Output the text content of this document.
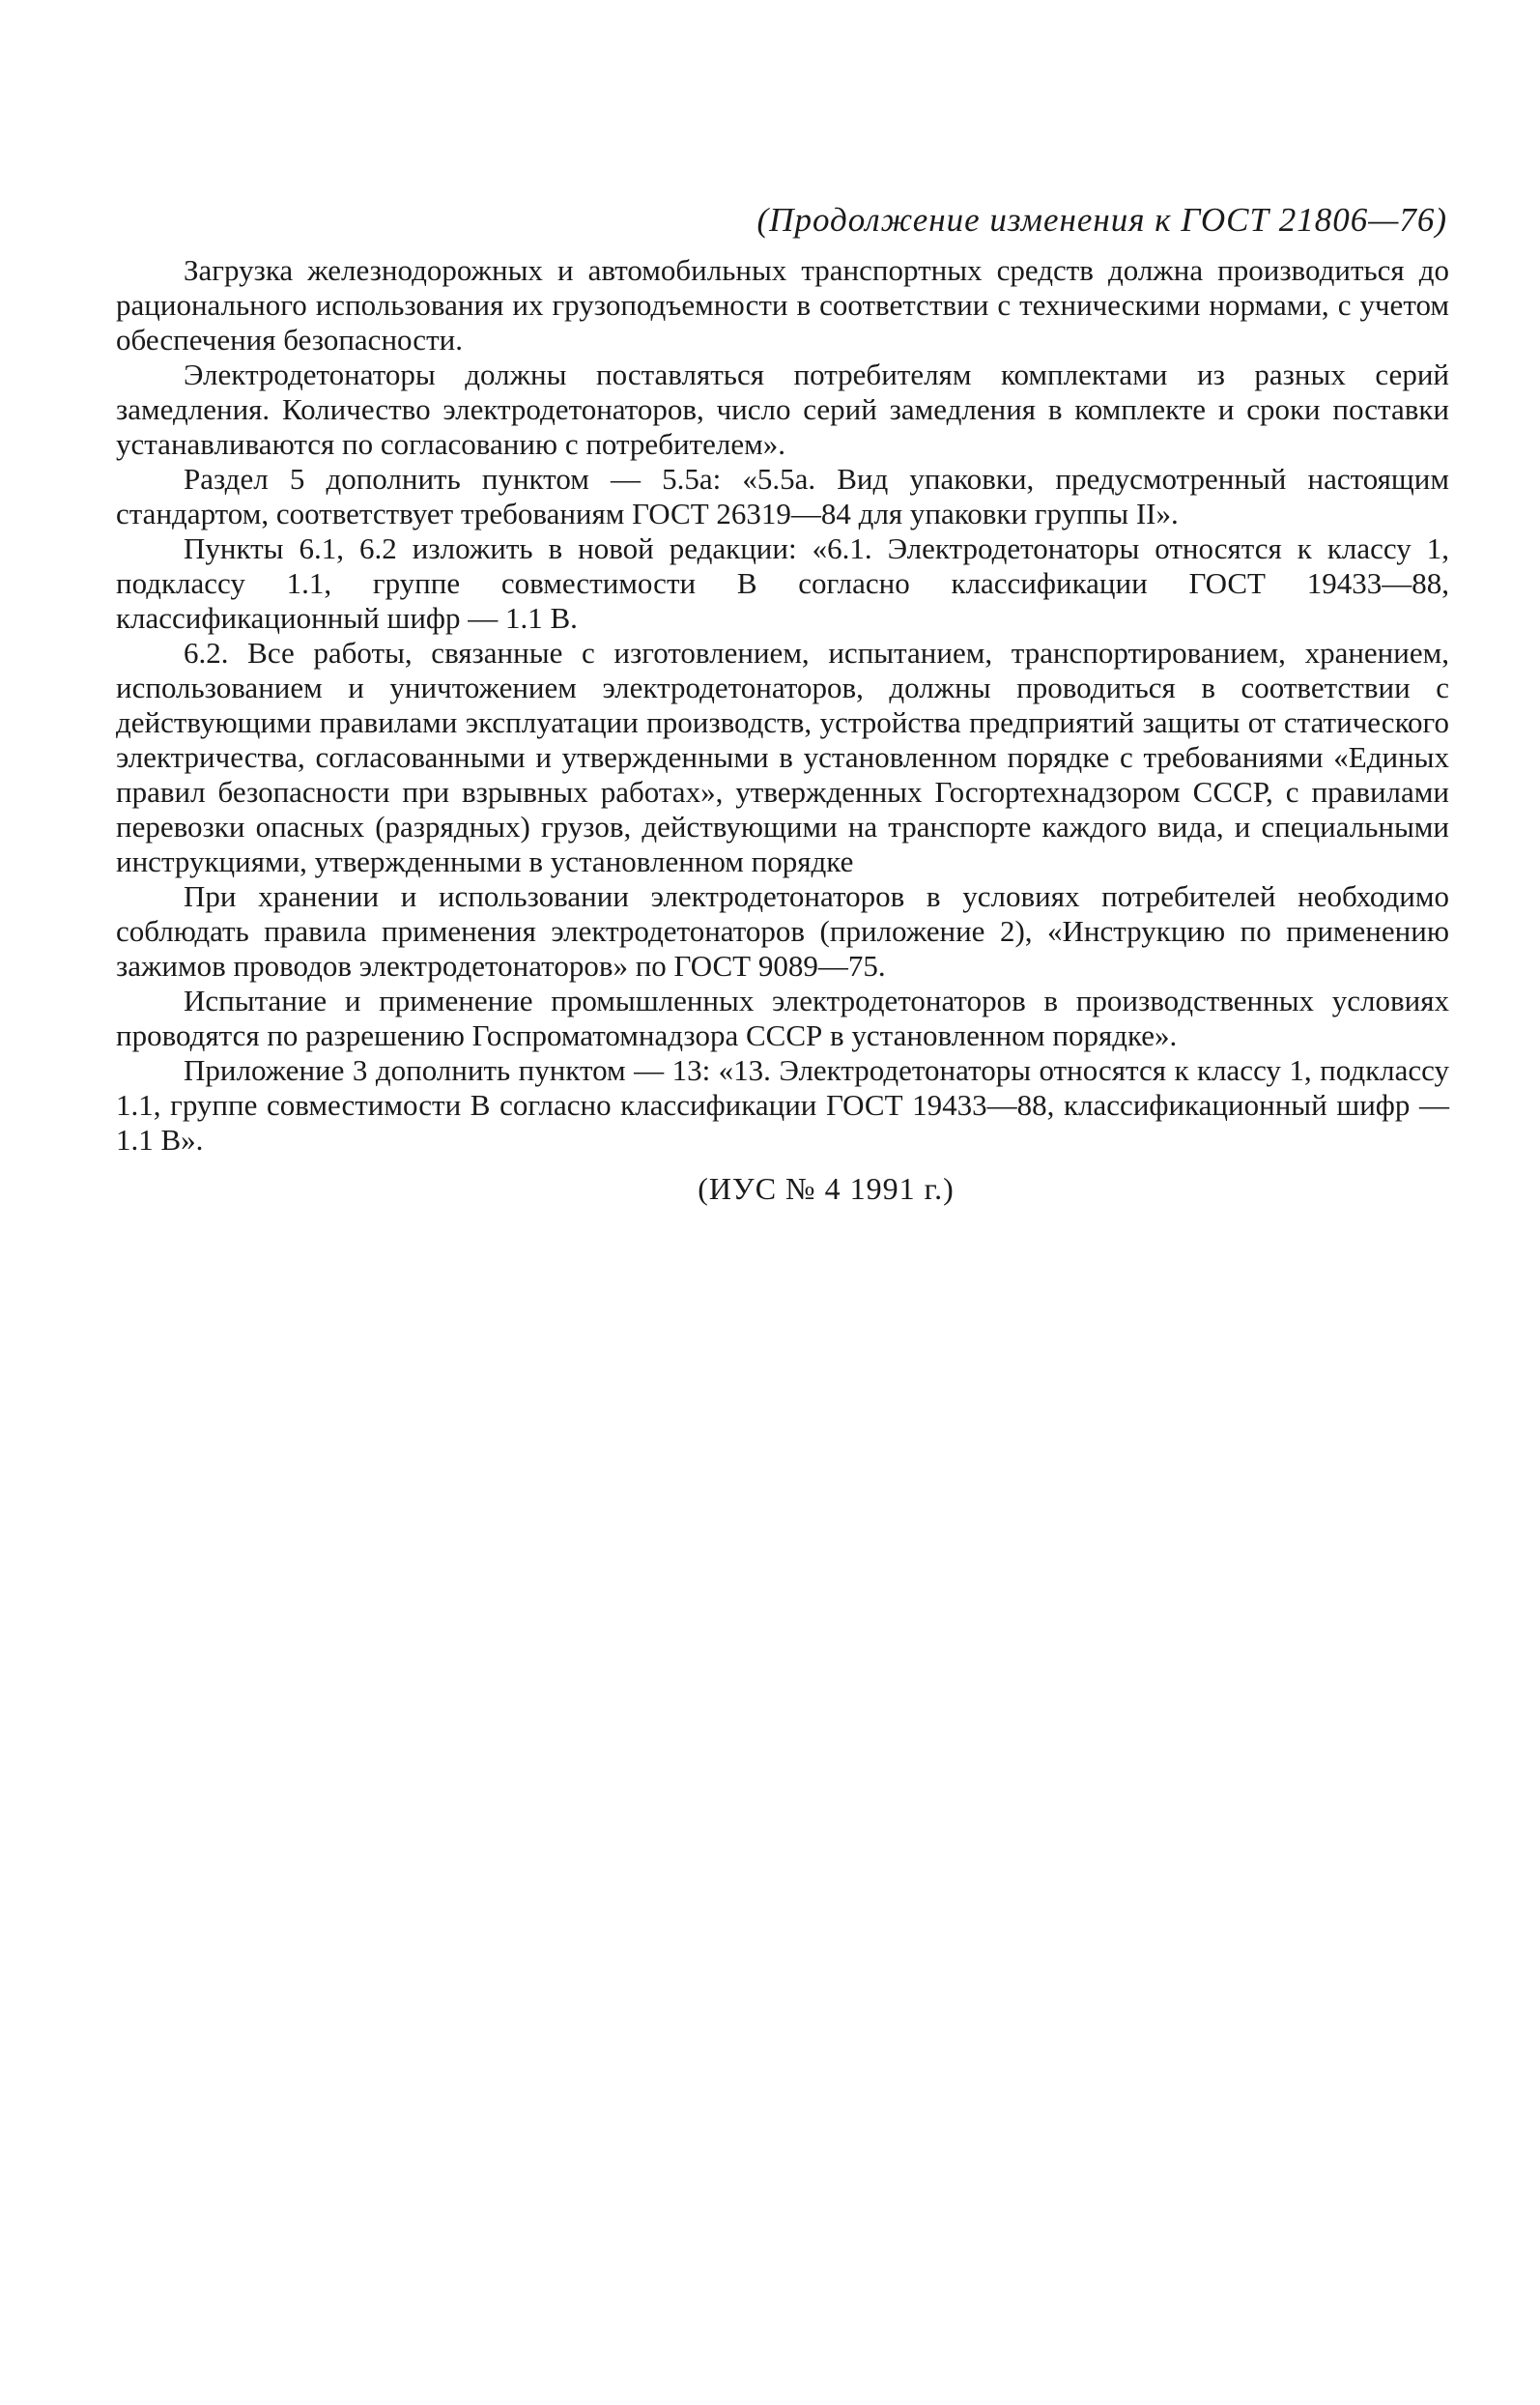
(Продолжение изменения к ГОСТ 21806—76)

Загрузка железнодорожных и автомобильных транспортных средств должна производиться до рационального использования их грузоподъемности в соответствии с техническими нормами, с учетом обеспечения безопасности.

Электродетонаторы должны поставляться потребителям комплектами из разных серий замедления. Количество электродетонаторов, число серий замедления в комплекте и сроки поставки устанавливаются по согласованию с потребителем».

Раздел 5 дополнить пунктом — 5.5а: «5.5а. Вид упаковки, предусмотренный настоящим стандартом, соответствует требованиям ГОСТ 26319—84 для упаковки группы II».

Пункты 6.1, 6.2 изложить в новой редакции: «6.1. Электродетонаторы относятся к классу 1, подклассу 1.1, группе совместимости В согласно классификации ГОСТ 19433—88, классификационный шифр — 1.1 В.

6.2. Все работы, связанные с изготовлением, испытанием, транспортированием, хранением, использованием и уничтожением электродетонаторов, должны проводиться в соответствии с действующими правилами эксплуатации производств, устройства предприятий защиты от статического электричества, согласованными и утвержденными в установленном порядке с требованиями «Единых правил безопасности при взрывных работах», утвержденных Госгортехнадзором СССР, с правилами перевозки опасных (разрядных) грузов, действующими на транспорте каждого вида, и специальными инструкциями, утвержденными в установленном порядке

При хранении и использовании электродетонаторов в условиях потребителей необходимо соблюдать правила применения электродетонаторов (приложение 2), «Инструкцию по применению зажимов проводов электродетонаторов» по ГОСТ 9089—75.

Испытание и применение промышленных электродетонаторов в производственных условиях проводятся по разрешению Госпроматомнадзора СССР в установленном порядке».

Приложение 3 дополнить пунктом — 13: «13. Электродетонаторы относятся к классу 1, подклассу 1.1, группе совместимости В согласно классификации ГОСТ 19433—88, классификационный шифр — 1.1 В».

(ИУС № 4 1991 г.)
